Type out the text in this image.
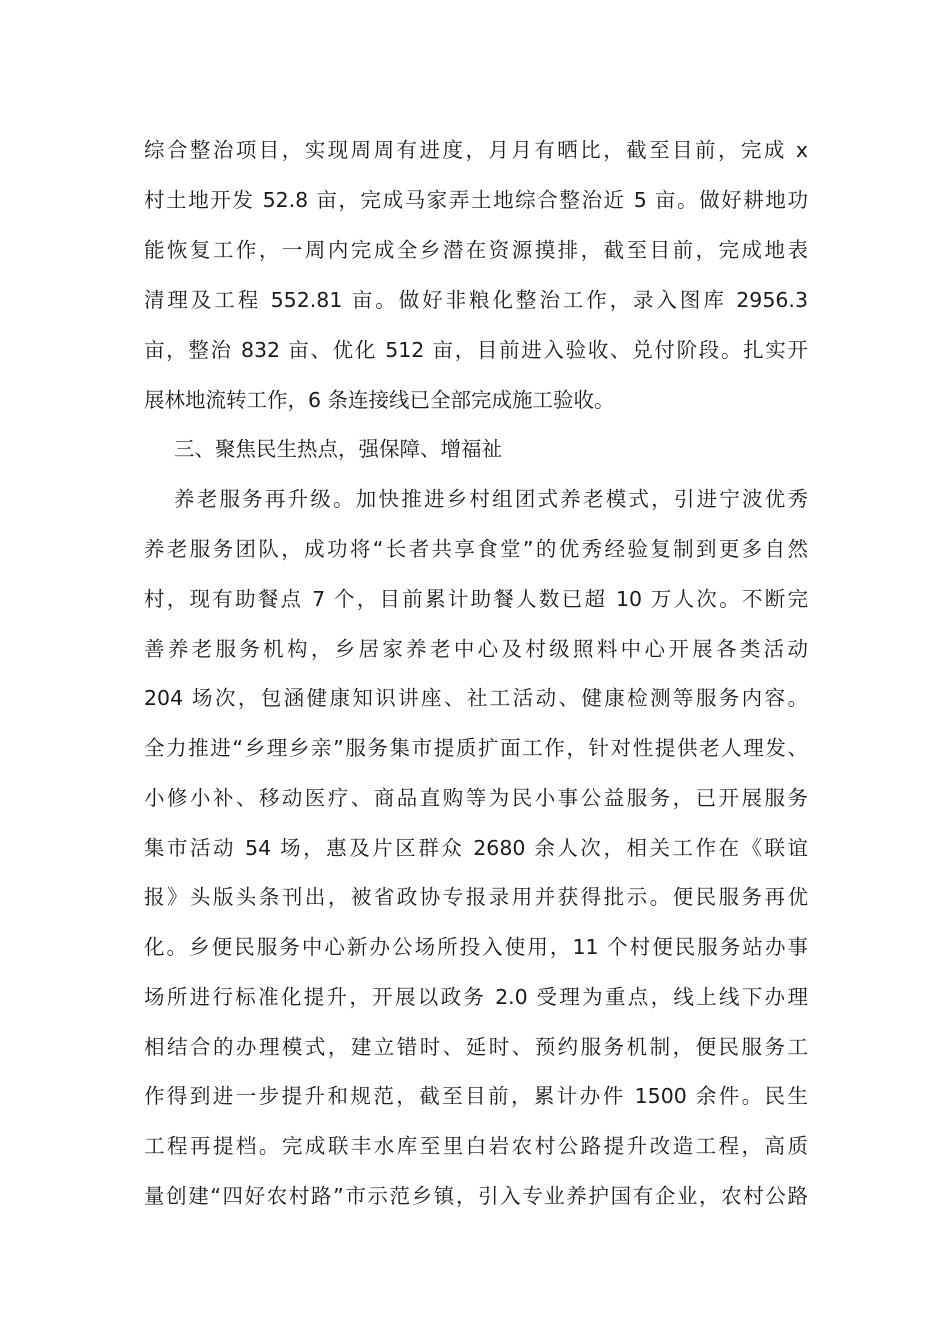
综合整治项目，实现周周有进度，月月有晒比，截至目前，完成 x
村土地开发 52.8 亩，完成马家弄土地综合整治近 5 亩。做好耕地功
能恢复工作，一周内完成全乡潜在资源摸排，截至目前，完成地表
清理及工程 552.81 亩。做好非粮化整治工作，录入图库 2956.3
亩，整治 832 亩、优化 512 亩，目前进入验收、兑付阶段。扎实开
展林地流转工作，6 条连接线已全部完成施工验收。
三、聚焦民生热点，强保障、增福祉
养老服务再升级。加快推进乡村组团式养老模式，引进宁波优秀
养老服务团队，成功将“长者共享食堂”的优秀经验复制到更多自然
村，现有助餐点 7 个，目前累计助餐人数已超 10 万人次。不断完
善养老服务机构，乡居家养老中心及村级照料中心开展各类活动
204 场次，包涵健康知识讲座、社工活动、健康检测等服务内容。
全力推进“乡理乡亲”服务集市提质扩面工作，针对性提供老人理发、
小修小补、移动医疗、商品直购等为民小事公益服务，已开展服务
集市活动 54 场，惠及片区群众 2680 余人次，相关工作在《联谊
报》头版头条刊出，被省政协专报录用并获得批示。便民服务再优
化。乡便民服务中心新办公场所投入使用，11 个村便民服务站办事
场所进行标准化提升，开展以政务 2.0 受理为重点，线上线下办理
相结合的办理模式，建立错时、延时、预约服务机制，便民服务工
作得到进一步提升和规范，截至目前，累计办件 1500 余件。民生
工程再提档。完成联丰水库至里白岩农村公路提升改造工程，高质
量创建“四好农村路”市示范乡镇，引入专业养护国有企业，农村公路
